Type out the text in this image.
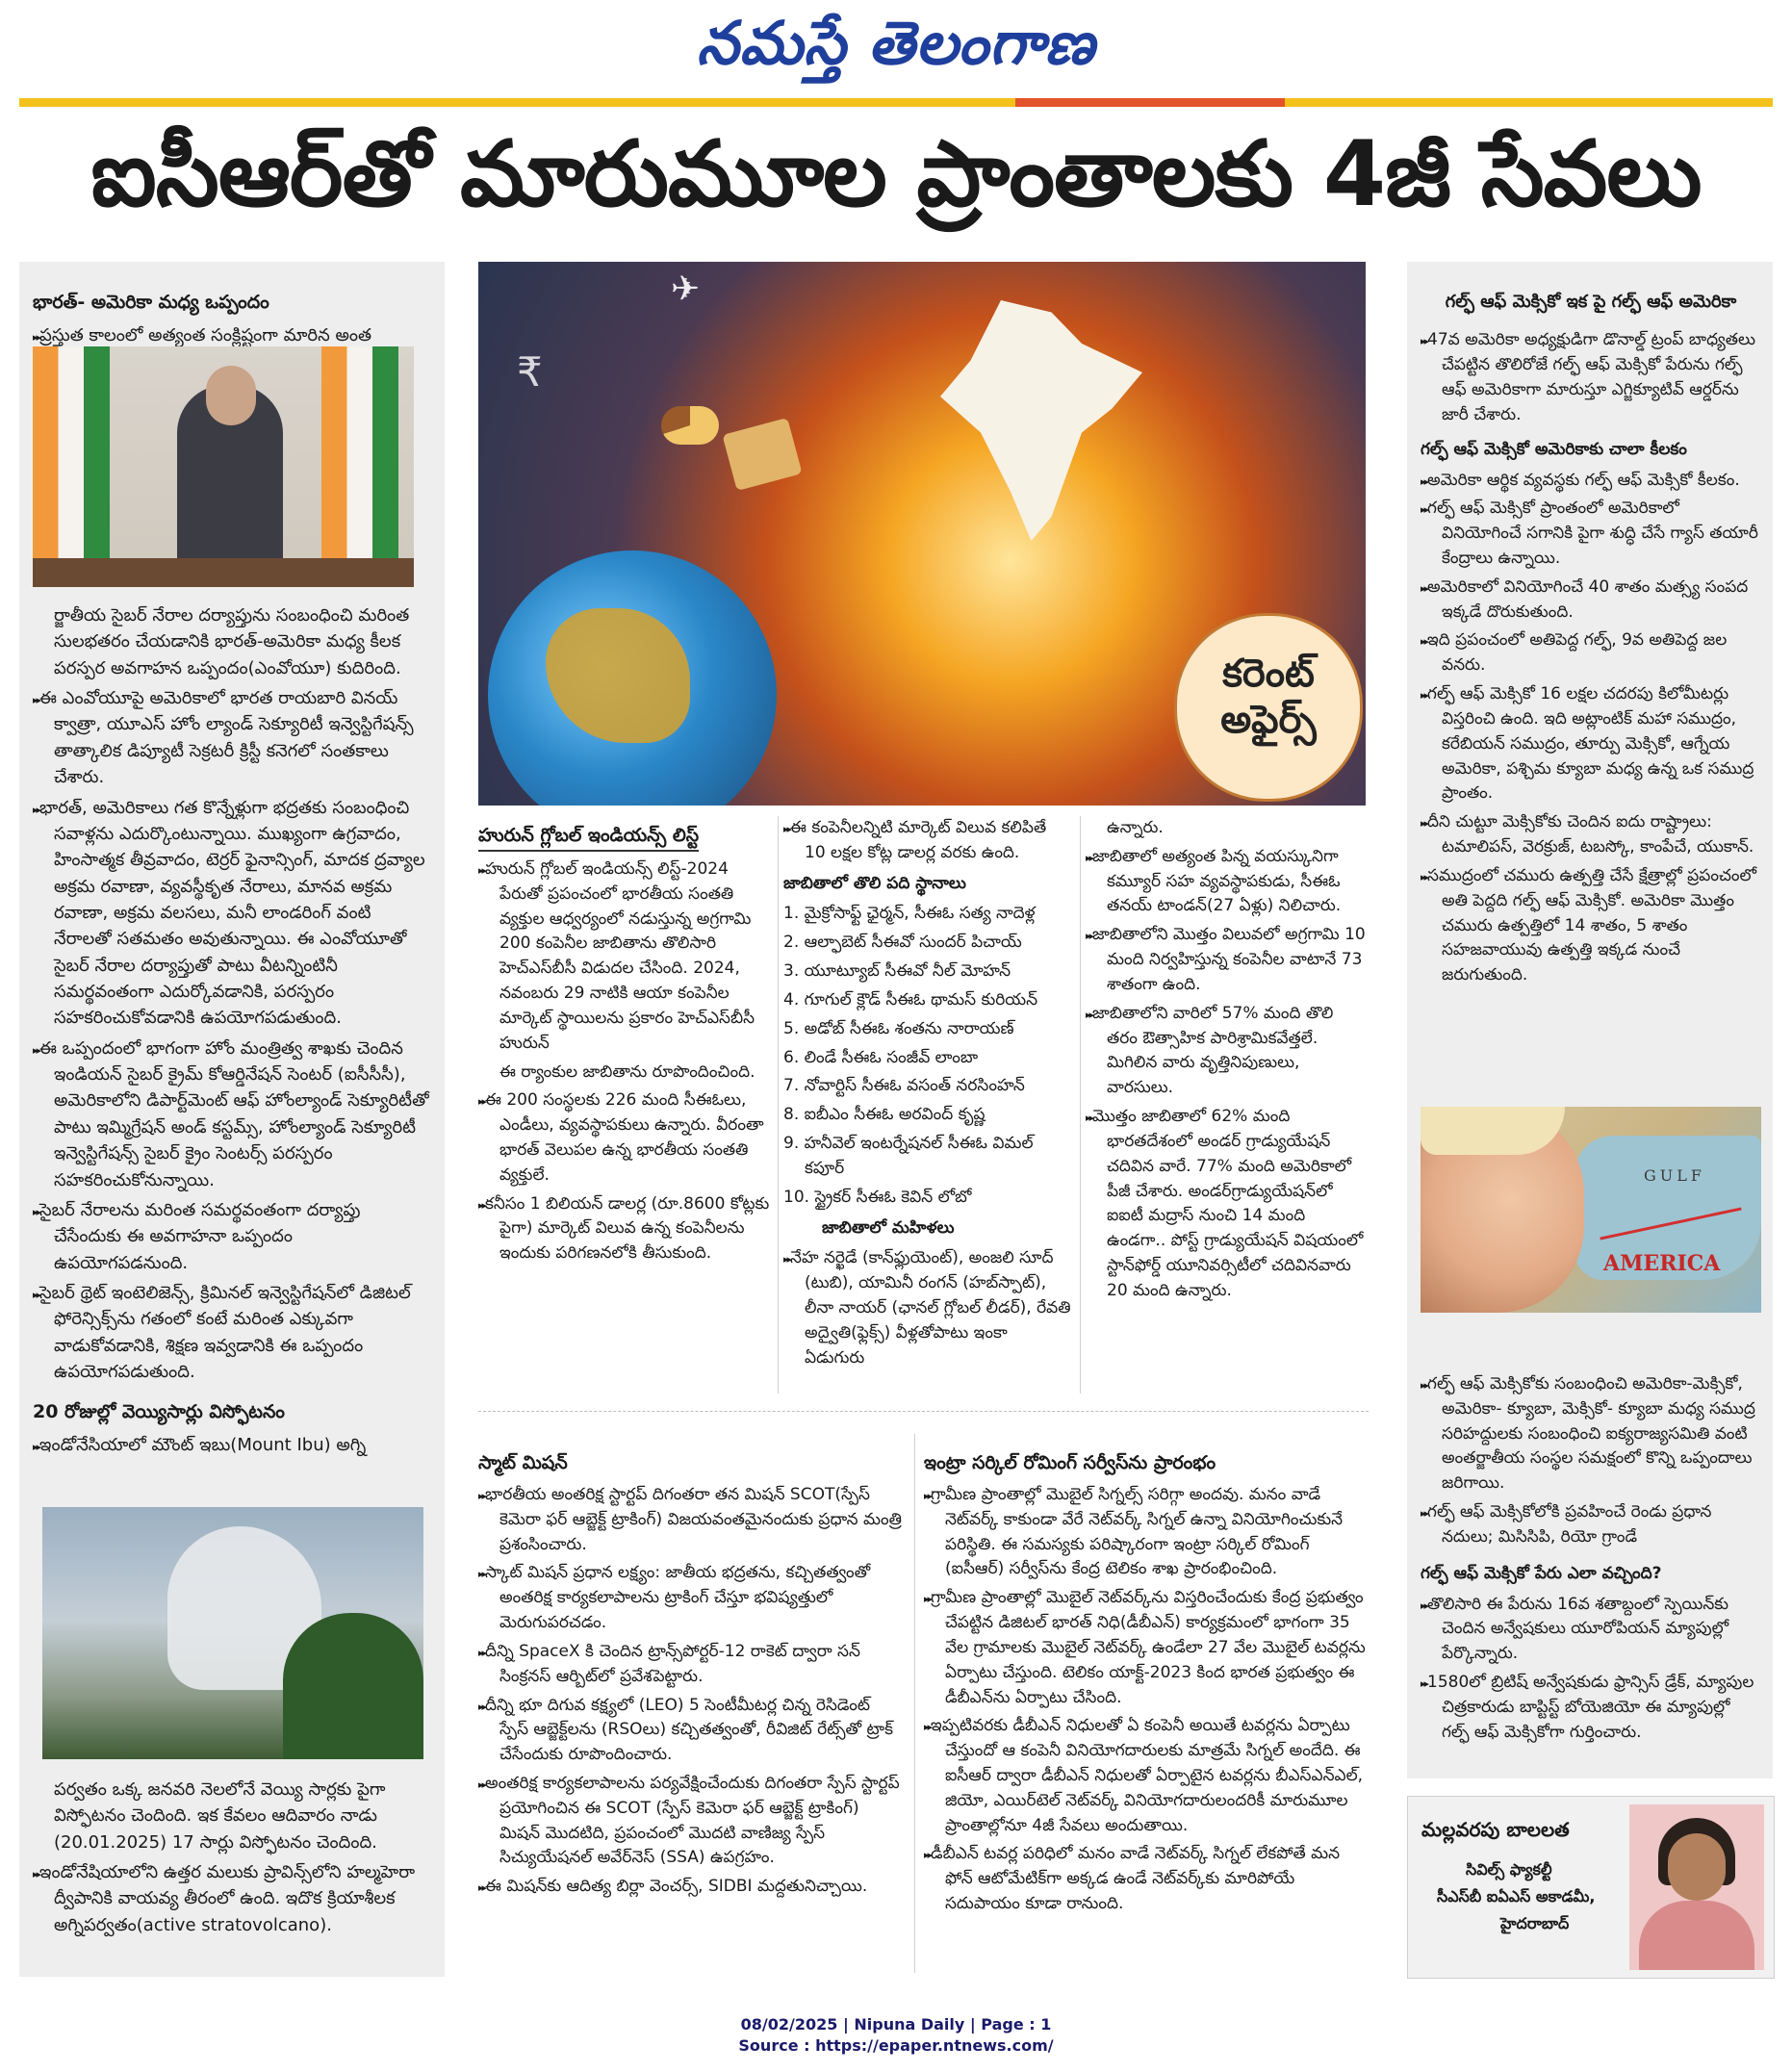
నమస్తే తెలంగాణ
ఐసీఆర్‌తో మారుమూల ప్రాంతాలకు 4జీ సేవలు

భారత్- అమెరికా మధ్య ఒప్పందం

▸▸ ప్రస్తుత కాలంలో అత్యంత సంక్లిష్టంగా మారిన అంత

ర్జాతీయ సైబర్ నేరాల దర్యాప్తును సంబంధించి మరింత సులభతరం చేయడానికి భారత్-అమెరికా మధ్య కీలక పరస్పర అవగాహన ఒప్పందం(ఎంవోయూ) కుదిరింది.

▸▸ ఈ ఎంవోయూపై అమెరికాలో భారత రాయబారి వినయ్ క్వాత్రా, యూఎస్ హోం ల్యాండ్ సెక్యూరిటీ ఇన్వెస్టిగేషన్స్ తాత్కాలిక డిప్యూటీ సెక్రటరీ క్రిస్టీ కనెగలో సంతకాలు చేశారు.

▸▸ భారత్, అమెరికాలు గత కొన్నేళ్లుగా భద్రతకు సంబంధించి సవాళ్లను ఎదుర్కొంటున్నాయి. ముఖ్యంగా ఉగ్రవాదం, హింసాత్మక తీవ్రవాదం, టెర్రర్ ఫైనాన్సింగ్, మాదక ద్రవ్యాల అక్రమ రవాణా, వ్యవస్థీకృత నేరాలు, మానవ అక్రమ రవాణా, అక్రమ వలసలు, మనీ లాండరింగ్ వంటి నేరాలతో సతమతం అవుతున్నాయి. ఈ ఎంవోయూతో సైబర్ నేరాల దర్యాప్తుతో పాటు వీటన్నింటినీ సమర్థవంతంగా ఎదుర్కోవడానికి, పరస్పరం సహకరించుకోవడానికి ఉపయోగపడుతుంది.

▸▸ ఈ ఒప్పందంలో భాగంగా హోం మంత్రిత్వ శాఖకు చెందిన ఇండియన్ సైబర్ క్రైమ్ కోఆర్డినేషన్ సెంటర్ (ఐసీసీసీ), అమెరికాలోని డిపార్ట్‌మెంట్ ఆఫ్ హోంల్యాండ్ సెక్యూరిటీతో పాటు ఇమ్మిగ్రేషన్ అండ్ కస్టమ్స్, హోంల్యాండ్ సెక్యూరిటీ ఇన్వెస్టిగేషన్స్ సైబర్ క్రైం సెంటర్స్ పరస్పరం సహకరించుకోనున్నాయి.

▸▸ సైబర్ నేరాలను మరింత సమర్థవంతంగా దర్యాప్తు చేసేందుకు ఈ అవగాహనా ఒప్పందం ఉపయోగపడనుంది.

▸▸ సైబర్ థ్రెట్ ఇంటెలిజెన్స్, క్రిమినల్ ఇన్వెస్టిగేషన్‌లో డిజిటల్ ఫోరెన్సిక్స్‌ను గతంలో కంటే మరింత ఎక్కువగా వాడుకోవడానికి, శిక్షణ ఇవ్వడానికి ఈ ఒప్పందం ఉపయోగపడుతుంది.

20 రోజుల్లో వెయ్యిసార్లు విస్ఫోటనం

▸▸ ఇండోనేసియాలో మౌంట్ ఇబు(Mount Ibu) అగ్ని

పర్వతం ఒక్క జనవరి నెలలోనే వెయ్యి సార్లకు పైగా విస్ఫోటనం చెందింది. ఇక కేవలం ఆదివారం నాడు (20.01.2025) 17 సార్లు విస్ఫోటనం చెందింది.

▸▸ ఇండోనేషియాలోని ఉత్తర మలుకు ప్రావిన్స్‌లోని హల్మహెరా ద్వీపానికి వాయవ్య తీరంలో ఉంది. ఇదొక క్రియాశీలక అగ్నిపర్వతం(active stratovolcano).

₹
✈
కరెంట్
అఫైర్స్

హురున్ గ్లోబల్ ఇండియన్స్ లిస్ట్

▸▸ హురున్ గ్లోబల్ ఇండియన్స్ లిస్ట్-2024 పేరుతో ప్రపంచంలో భారతీయ సంతతి వ్యక్తుల ఆధ్వర్యంలో నడుస్తున్న అగ్రగామి 200 కంపెనీల జాబితాను తొలిసారి హెచ్ఎస్‌బీసీ విడుదల చేసింది. 2024, నవంబరు 29 నాటికి ఆయా కంపెనీల మార్కెట్ స్థాయిలను ప్రకారం హెచ్ఎస్‌బీసీ హురున్

ఈ ర్యాంకుల జాబితాను రూపొందించింది.

▸▸ ఈ 200 సంస్థలకు 226 మంది సీఈఓలు, ఎండీలు, వ్యవస్థాపకులు ఉన్నారు. వీరంతా భారత్ వెలుపల ఉన్న భారతీయ సంతతి వ్యక్తులే.

▸▸ కనీసం 1 బిలియన్ డాలర్ల (రూ.8600 కోట్లకు పైగా) మార్కెట్ విలువ ఉన్న కంపెనీలను ఇందుకు పరిగణనలోకి తీసుకుంది.

▸▸ ఈ కంపెనీలన్నిటి మార్కెట్ విలువ కలిపితే 10 లక్షల కోట్ల డాలర్ల వరకు ఉంది.

జాబితాలో తొలి పది స్థానాలు

1. మైక్రోసాఫ్ట్ ఛైర్మన్, సీఈఓ సత్య నాదెళ్ల

2. ఆల్ఫాబెట్ సీఈవో సుందర్ పిచాయ్

3. యూట్యూబ్ సీఈవో నీల్ మోహన్

4. గూగుల్ క్లౌడ్ సీఈఓ థామస్ కురియన్

5. అడోబ్ సీఈఓ శంతను నారాయణ్

6. లిండే సీఈఓ సంజీవ్ లాంబా

7. నోవార్టిస్ సీఈఓ వసంత్ నరసింహన్

8. ఐబీఎం సీఈఓ అరవింద్ కృష్ణ

9. హనీవెల్ ఇంటర్నేషనల్ సీఈఓ విమల్ కపూర్

10. స్ట్రైకర్ సీఈఓ కెవిన్ లోబో

జాబితాలో మహిళలు

▸▸ నేహ నర్ఖెడే (కాన్‌ఫ్లుయెంట్), అంజలి సూద్ (టుబి), యామినీ రంగన్ (హబ్‌స్పాట్), లీనా నాయర్ (ఛానల్ గ్లోబల్ లీడర్), రేవతి అద్వైతి(ఫ్లెక్స్) వీళ్లతోపాటు ఇంకా ఏడుగురు

ఉన్నారు.

▸▸ జాబితాలో అత్యంత పిన్న వయస్కునిగా కమ్యూర్ సహ వ్యవస్థాపకుడు, సీఈఓ తనయ్ టాండన్(27 ఏళ్లు) నిలిచారు.

▸▸ జాబితాలోని మొత్తం విలువలో అగ్రగామి 10 మంది నిర్వహిస్తున్న కంపెనీల వాటానే 73 శాతంగా ఉంది.

▸▸ జాబితాలోని వారిలో 57% మంది తొలి తరం ఔత్సాహిక పారిశ్రామికవేత్తలే. మిగిలిన వారు వృత్తినిపుణులు, వారసులు.

▸▸ మొత్తం జాబితాలో 62% మంది భారతదేశంలో అండర్ గ్రాడ్యుయేషన్ చదివిన వారే. 77% మంది అమెరికాలో పీజీ చేశారు. అండర్‌గ్రాడ్యుయేషన్‌లో ఐఐటీ మద్రాస్ నుంచి 14 మంది ఉండగా.. పోస్ట్ గ్రాడ్యుయేషన్ విషయంలో స్టాన్‌ఫోర్డ్ యూనివర్సిటీలో చదివినవారు 20 మంది ఉన్నారు.

స్మాట్ మిషన్

▸▸ భారతీయ అంతరిక్ష స్టార్టప్ దిగంతరా తన మిషన్ SCOT(స్పేస్ కెమెరా ఫర్ ఆబ్జెక్ట్ ట్రాకింగ్) విజయవంతమైనందుకు ప్రధాన మంత్రి ప్రశంసించారు.

▸▸ స్కాట్ మిషన్ ప్రధాన లక్ష్యం: జాతీయ భద్రతను, కచ్చితత్వంతో అంతరిక్ష కార్యకలాపాలను ట్రాకింగ్ చేస్తూ భవిష్యత్తులో మెరుగుపరచడం.

▸▸ దీన్ని SpaceX కి చెందిన ట్రాన్స్‌పోర్టర్-12 రాకెట్ ద్వారా సన్ సింక్రనస్ ఆర్బిట్‌లో ప్రవేశపెట్టారు.

▸▸ దీన్ని భూ దిగువ కక్ష్యలో (LEO) 5 సెంటీమీటర్ల చిన్న రెసిడెంట్ స్పేస్ ఆబ్జెక్ట్‌లను (RSOలు) కచ్చితత్వంతో, రీవిజిట్ రేట్స్‌తో ట్రాక్ చేసేందుకు రూపొందించారు.

▸▸ అంతరిక్ష కార్యకలాపాలను పర్యవేక్షించేందుకు దిగంతరా స్పేస్ స్టార్టప్ ప్రయోగించిన ఈ SCOT (స్పేస్ కెమెరా ఫర్ ఆబ్జెక్ట్ ట్రాకింగ్) మిషన్ మొదటిది, ప్రపంచంలో మొదటి వాణిజ్య స్పేస్ సిచ్యుయేషనల్ అవేర్‌నెస్ (SSA) ఉపగ్రహం.

▸▸ ఈ మిషన్‌కు ఆదిత్య బిర్లా వెంచర్స్, SIDBI మద్దతునిచ్చాయి.

ఇంట్రా సర్కిల్ రోమింగ్ సర్వీస్‌ను ప్రారంభం

▸▸ గ్రామీణ ప్రాంతాల్లో మొబైల్ సిగ్నల్స్ సరిగ్గా అందవు. మనం వాడే నెట్‌వర్క్ కాకుండా వేరే నెట్‌వర్క్ సిగ్నల్ ఉన్నా వినియోగించుకునే పరిస్థితి. ఈ సమస్యకు పరిష్కారంగా ఇంట్రా సర్కిల్ రోమింగ్ (ఐసీఆర్) సర్వీస్‌ను కేంద్ర టెలికం శాఖ ప్రారంభించింది.

▸▸ గ్రామీణ ప్రాంతాల్లో మొబైల్ నెట్‌వర్క్‌ను విస్తరించేందుకు కేంద్ర ప్రభుత్వం చేపట్టిన డిజిటల్ భారత్ నిధి(డీబీఎన్) కార్యక్రమంలో భాగంగా 35 వేల గ్రామాలకు మొబైల్ నెట్‌వర్క్ ఉండేలా 27 వేల మొబైల్ టవర్లను ఏర్పాటు చేస్తుంది. టెలికం యాక్ట్-2023 కింద భారత ప్రభుత్వం ఈ డీబీఎన్‌ను ఏర్పాటు చేసింది.

▸▸ ఇప్పటివరకు డీబీఎన్ నిధులతో ఏ కంపెనీ అయితే టవర్లను ఏర్పాటు చేస్తుందో ఆ కంపెనీ వినియోగదారులకు మాత్రమే సిగ్నల్ అందేది. ఈ ఐసీఆర్ ద్వారా డీబీఎన్ నిధులతో ఏర్పాటైన టవర్లను బీఎస్ఎన్ఎల్, జియో, ఎయిర్‌టెల్ నెట్‌వర్క్ వినియోగదారులందరికీ మారుమూల ప్రాంతాల్లోనూ 4జీ సేవలు అందుతాయి.

▸▸ డీబీఎన్ టవర్ల పరిధిలో మనం వాడే నెట్‌వర్క్ సిగ్నల్ లేకపోతే మన ఫోన్ ఆటోమేటిక్‌గా అక్కడ ఉండే నెట్‌వర్క్‌కు మారిపోయే సదుపాయం కూడా రానుంది.

గల్ఫ్ ఆఫ్ మెక్సికో ఇక పై గల్ఫ్ ఆఫ్ అమెరికా

▸▸ 47వ అమెరికా అధ్యక్షుడిగా డొనాల్డ్ ట్రంప్ బాధ్యతలు చేపట్టిన తొలిరోజే గల్ఫ్ ఆఫ్ మెక్సికో పేరును గల్ఫ్ ఆఫ్ అమెరికాగా మారుస్తూ ఎగ్జిక్యూటివ్ ఆర్డర్‌ను జారీ చేశారు.

గల్ఫ్ ఆఫ్ మెక్సికో అమెరికాకు చాలా కీలకం

▸▸ అమెరికా ఆర్థిక వ్యవస్థకు గల్ఫ్ ఆఫ్ మెక్సికో కీలకం.

▸▸ గల్ఫ్ ఆఫ్ మెక్సికో ప్రాంతంలో అమెరికాలో వినియోగించే సగానికి పైగా శుద్ధి చేసే గ్యాస్ తయారీ కేంద్రాలు ఉన్నాయి.

▸▸ అమెరికాలో వినియోగించే 40 శాతం మత్స్య సంపద ఇక్కడే దొరుకుతుంది.

▸▸ ఇది ప్రపంచంలో అతిపెద్ద గల్ఫ్, 9వ అతిపెద్ద జల వనరు.

▸▸ గల్ఫ్ ఆఫ్ మెక్సికో 16 లక్షల చదరపు కిలోమీటర్లు విస్తరించి ఉంది. ఇది అట్లాంటిక్ మహా సముద్రం, కరేబియన్ సముద్రం, తూర్పు మెక్సికో, ఆగ్నేయ అమెరికా, పశ్చిమ క్యూబా మధ్య ఉన్న ఒక సముద్ర ప్రాంతం.

▸▸ దీని చుట్టూ మెక్సికోకు చెందిన ఐదు రాష్ట్రాలు: టమాలిపస్, వెరక్రుజ్, టబస్కో, కాంపేచే, యుకాన్.

▸▸ సముద్రంలో చమురు ఉత్పత్తి చేసే క్షేత్రాల్లో ప్రపంచంలో అతి పెద్దది గల్ఫ్ ఆఫ్ మెక్సికో. అమెరికా మొత్తం చమురు ఉత్పత్తిలో 14 శాతం, 5 శాతం సహజవాయువు ఉత్పత్తి ఇక్కడ నుంచే జరుగుతుంది.

GULF
AMERICA

▸▸ గల్ఫ్ ఆఫ్ మెక్సికోకు సంబంధించి అమెరికా-మెక్సికో, అమెరికా- క్యూబా, మెక్సికో- క్యూబా మధ్య సముద్ర సరిహద్దులకు సంబంధించి ఐక్యరాజ్యసమితి వంటి అంతర్జాతీయ సంస్థల సమక్షంలో కొన్ని ఒప్పందాలు జరిగాయి.

▸▸ గల్ఫ్ ఆఫ్ మెక్సికోలోకి ప్రవహించే రెండు ప్రధాన నదులు; మిసిసిపి, రియో గ్రాండే

గల్ఫ్ ఆఫ్ మెక్సికో పేరు ఎలా వచ్చింది?

▸▸ తొలిసారి ఈ పేరును 16వ శతాబ్దంలో స్పెయిన్‌కు చెందిన అన్వేషకులు యూరోపియన్ మ్యాపుల్లో పేర్కొన్నారు.

▸▸ 1580లో బ్రిటిష్ అన్వేషకుడు ఫ్రాన్సిస్ డ్రేక్, మ్యాపుల చిత్రకారుడు బాప్టిస్ట్ బోయెజియో ఈ మ్యాపుల్లో గల్ఫ్ ఆఫ్ మెక్సికోగా గుర్తించారు.

మల్లవరపు బాలలత
సివిల్స్ ఫ్యాకల్టీ
సీఎస్‌బీ ఐఏఎస్ అకాడమీ,
హైదరాబాద్
08/02/2025 | Nipuna Daily | Page : 1
Source : https://epaper.ntnews.com/
